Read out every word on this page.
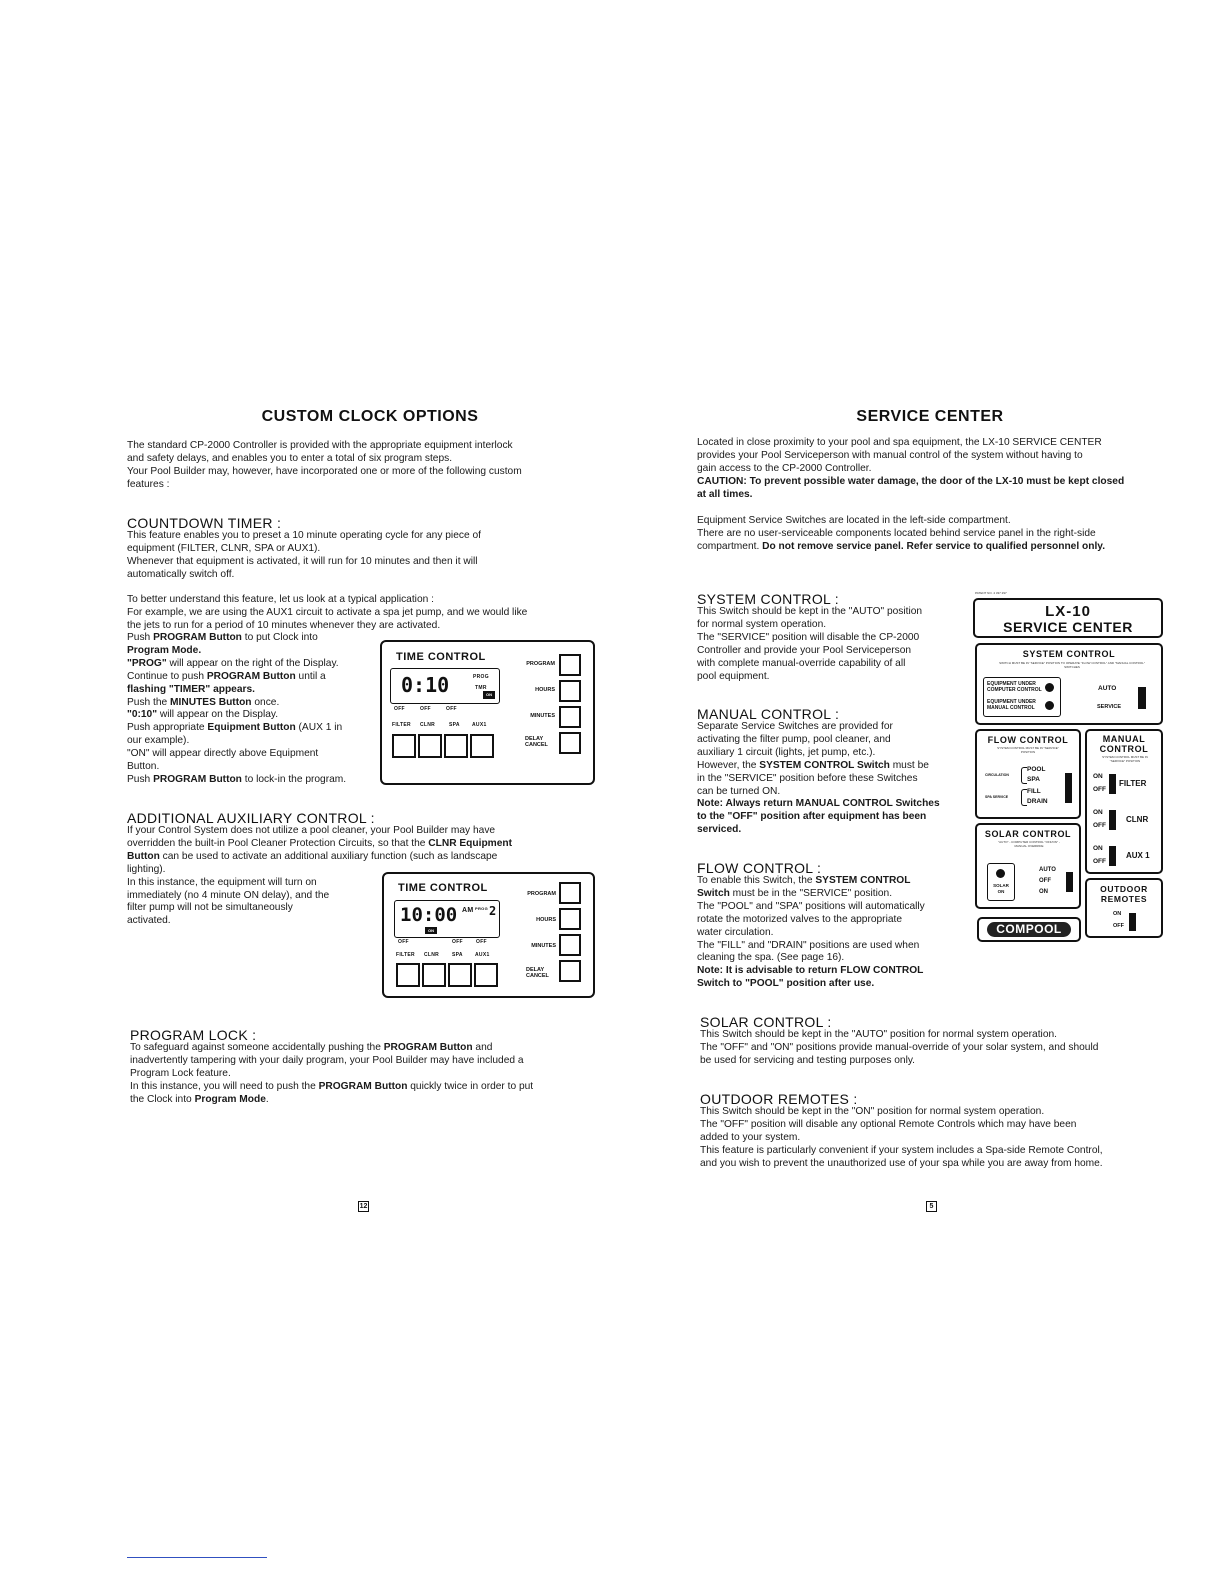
CUSTOM CLOCK OPTIONS

The standard CP-2000 Controller is provided with the appropriate equipment interlock

and safety delays, and enables you to enter a total of six program steps.

Your Pool Builder may, however, have incorporated one or more of the following custom

features :

COUNTDOWN TIMER :

This feature enables you to preset a 10 minute operating cycle for any piece of

equipment (FILTER, CLNR, SPA or AUX1).

Whenever that equipment is activated, it will run for 10 minutes and then it will

automatically switch off.

To better understand this feature, let us look at a typical application :

For example, we are using the AUX1 circuit to activate a spa jet pump, and we would like

the jets to run for a period of 10 minutes whenever they are activated.

Push PROGRAM Button to put Clock into

Program Mode.

"PROG" will appear on the right of the Display.

Continue to push PROGRAM Button until a

flashing "TIMER" appears.

Push the MINUTES Button once.

"0:10" will appear on the Display.

Push appropriate Equipment Button (AUX 1 in

our example).

"ON" will appear directly above Equipment

Button.

Push PROGRAM Button to lock-in the program.

TIME CONTROL
0:10	PROG
TMR
ON
OFF	OFF	OFF
FILTER CLNR	SPA AUX1
PROGRAM
HOURS
MINUTES
DELAY CANCEL
ADDITIONAL AUXILIARY CONTROL :

If your Control System does not utilize a pool cleaner, your Pool Builder may have

overridden the built-in Pool Cleaner Protection Circuits, so that the CLNR Equipment

Button can be used to activate an additional auxiliary function (such as landscape

lighting).

In this instance, the equipment will turn on

immediately (no 4 minute ON delay), and the

filter pump will not be simultaneously

activated.

TIME CONTROL
10:00 AM PROG 2
ON
OFF	OFF	OFF
FILTER CLNR	SPA AUX1
PROGRAM
HOURS
MINUTES
DELAY CANCEL
PROGRAM LOCK :

To safeguard against someone accidentally pushing the PROGRAM Button and

inadvertently tampering with your daily program, your Pool Builder may have included a

Program Lock feature.

In this instance, you will need to push the PROGRAM Button quickly twice in order to put

the Clock into Program Mode.

12
SERVICE CENTER

Located in close proximity to your pool and spa equipment, the LX-10 SERVICE CENTER

provides your Pool Serviceperson with manual control of the system without having to

gain access to the CP-2000 Controller.

CAUTION: To prevent possible water damage, the door of the LX-10 must be kept closed

at all times.

Equipment Service Switches are located in the left-side compartment.

There are no user-serviceable components located behind service panel in the right-side

compartment. Do not remove service panel. Refer service to qualified personnel only.

SYSTEM CONTROL :

This Switch should be kept in the "AUTO" position

for normal system operation.

The "SERVICE" position will disable the CP-2000

Controller and provide your Pool Serviceperson

with complete manual-override capability of all

pool equipment.

MANUAL CONTROL :

Separate Service Switches are provided for

activating the filter pump, pool cleaner, and

auxiliary 1 circuit (lights, jet pump, etc.).

However, the SYSTEM CONTROL Switch must be

in the "SERVICE" position before these Switches

can be turned ON.

Note: Always return MANUAL CONTROL Switches

to the "OFF" position after equipment has been

serviced.

FLOW CONTROL :

To enable this Switch, the SYSTEM CONTROL

Switch must be in the "SERVICE" position.

The "POOL" and "SPA" positions will automatically

rotate the motorized valves to the appropriate

water circulation.

The "FILL" and "DRAIN" positions are used when

cleaning the spa. (See page 16).

Note: It is advisable to return FLOW CONTROL

Switch to "POOL" position after use.

SOLAR CONTROL :

This Switch should be kept in the "AUTO" position for normal system operation.

The "OFF" and "ON" positions provide manual-override of your solar system, and should

be used for servicing and testing purposes only.

OUTDOOR REMOTES :

This Switch should be kept in the "ON" position for normal system operation.

The "OFF" position will disable any optional Remote Controls which may have been

added to your system.

This feature is particularly convenient if your system includes a Spa-side Remote Control,

and you wish to prevent the unauthorized use of your spa while you are away from home.

5
PATENT NO. 4 337 297
LX-10
SERVICE CENTER
SYSTEM CONTROL
SWITCH MUST BE IN "SERVICE" POSITION TO OPERATE "FLOW CONTROL" AND "MANUAL CONTROL" SWITCHES
EQUIPMENT UNDER COMPUTER CONTROL
EQUIPMENT UNDER MANUAL CONTROL
AUTO
SERVICE
FLOW CONTROL
SYSTEM CONTROL MUST BE IN "SERVICE" POSITION
CIRCULATION
SPA SERVICE
POOL
SPA
FILL
DRAIN
MANUAL
CONTROL
SYSTEM CONTROL MUST BE IN "SERVICE" POSITION
ON
OFF
FILTER
ON
OFF
CLNR
ON
OFF
AUX 1
SOLAR CONTROL
"AUTO" - COMPUTER CONTROL "OFF/ON" - MANUAL OVERRIDE
SOLAR
ON
AUTO
OFF
ON	OUTDOOR
REMOTES
ON
OFF
COMPOOL
